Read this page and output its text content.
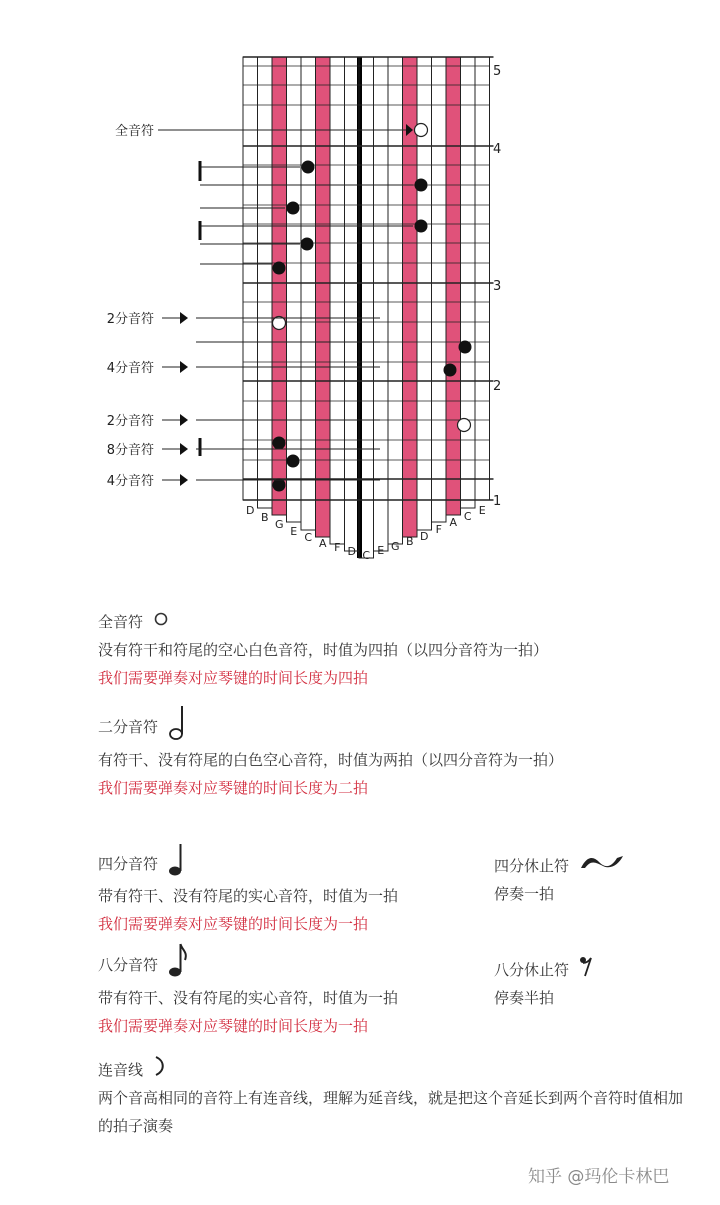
全音符
2分音符
4分音符
2分音符
8分音符
4分音符
5
4
3
2
1
D
B
G
E C A F D C E G B D
F
A C E
全音符
没有符干和符尾的空心白色音符，时值为四拍（以四分音符为一拍）
我们需要弹奏对应琴键的时间长度为四拍
二分音符
有符干、没有符尾的白色空心音符，时值为两拍（以四分音符为一拍）
我们需要弹奏对应琴键的时间长度为二拍
四分音符
带有符干、没有符尾的实心音符，时值为一拍
我们需要弹奏对应琴键的时间长度为一拍
四分休止符
停奏一拍
八分音符
带有符干、没有符尾的实心音符，时值为一拍
我们需要弹奏对应琴键的时间长度为一拍
八分休止符
停奏半拍
连音线
两个音高相同的音符上有连音线，理解为延音线，就是把这个音延长到两个音符时值相加的拍子演奏
知乎 @玛伦卡林巴
